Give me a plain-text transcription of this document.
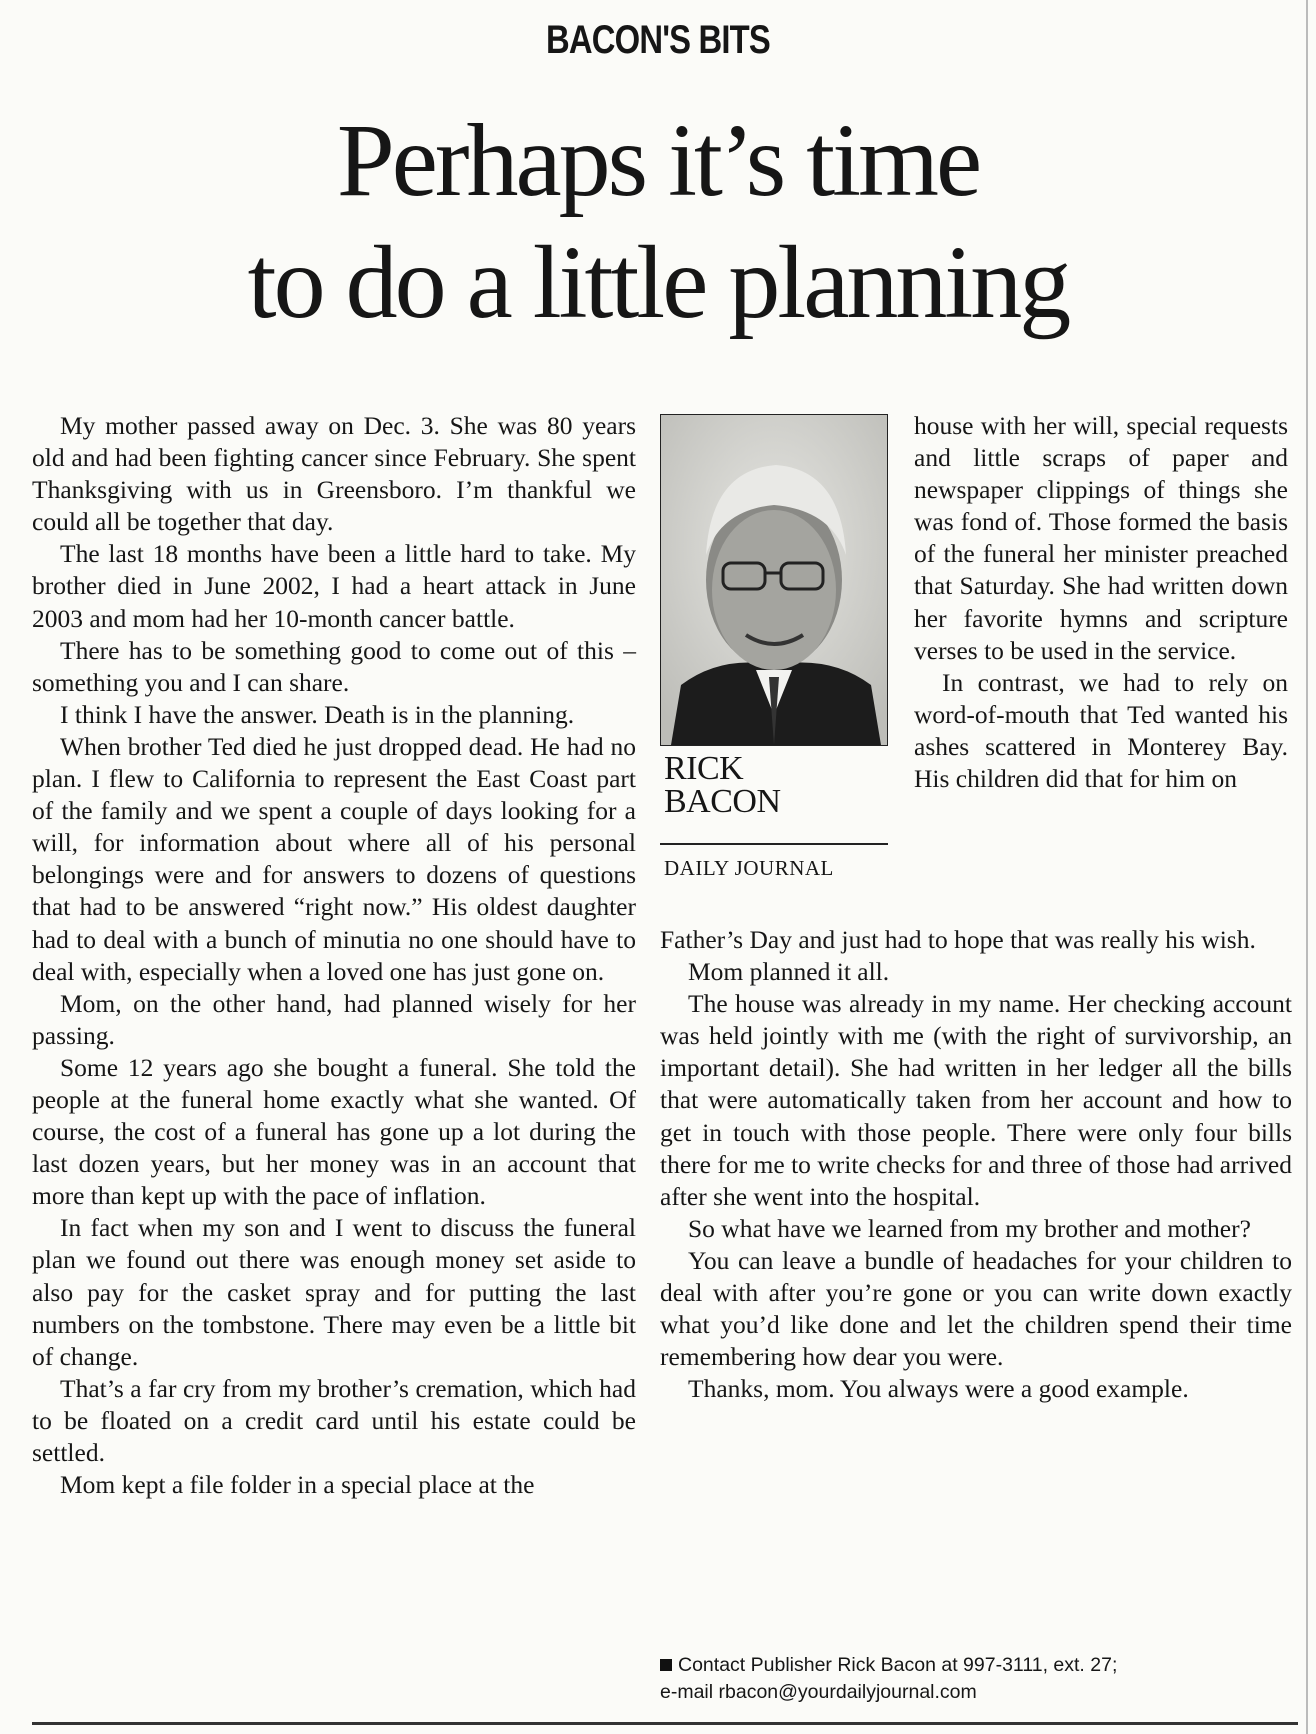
BACON'S BITS
Perhaps it’s time
to do a little planning

My mother passed away on Dec. 3. She was 80 years old and had been fighting cancer since February. She spent Thanksgiving with us in Greensboro. I’m thankful we could all be together that day.

The last 18 months have been a little hard to take. My brother died in June 2002, I had a heart attack in June 2003 and mom had her 10-month cancer battle.

There has to be something good to come out of this – something you and I can share.

I think I have the answer. Death is in the planning.

When brother Ted died he just dropped dead. He had no plan. I flew to California to represent the East Coast part of the family and we spent a couple of days looking for a will, for information about where all of his personal belongings were and for answers to dozens of questions that had to be answered “right now.” His oldest daughter had to deal with a bunch of minutia no one should have to deal with, especially when a loved one has just gone on.

Mom, on the other hand, had planned wisely for her passing.

Some 12 years ago she bought a funeral. She told the people at the funeral home exactly what she wanted. Of course, the cost of a funeral has gone up a lot during the last dozen years, but her money was in an account that more than kept up with the pace of inflation.

In fact when my son and I went to discuss the funeral plan we found out there was enough money set aside to also pay for the casket spray and for putting the last numbers on the tombstone. There may even be a little bit of change.

That’s a far cry from my brother’s cremation, which had to be floated on a credit card until his estate could be settled.

Mom kept a file folder in a special place at the

RICK
BACON
DAILY JOURNAL

house with her will, special requests and little scraps of paper and newspaper clippings of things she was fond of. Those formed the basis of the funeral her minister preached that Saturday. She had written down her favorite hymns and scripture verses to be used in the service.

In contrast, we had to rely on word-of-mouth that Ted wanted his ashes scattered in Monterey Bay. His children did that for him on

Father’s Day and just had to hope that was really his wish.

Mom planned it all.

The house was already in my name. Her checking account was held jointly with me (with the right of survivorship, an important detail). She had written in her ledger all the bills that were automatically taken from her account and how to get in touch with those people. There were only four bills there for me to write checks for and three of those had arrived after she went into the hospital.

So what have we learned from my brother and mother?

You can leave a bundle of headaches for your children to deal with after you’re gone or you can write down exactly what you’d like done and let the children spend their time remembering how dear you were.

Thanks, mom. You always were a good example.

Contact Publisher Rick Bacon at 997-3111, ext. 27;
e-mail rbacon@yourdailyjournal.com
